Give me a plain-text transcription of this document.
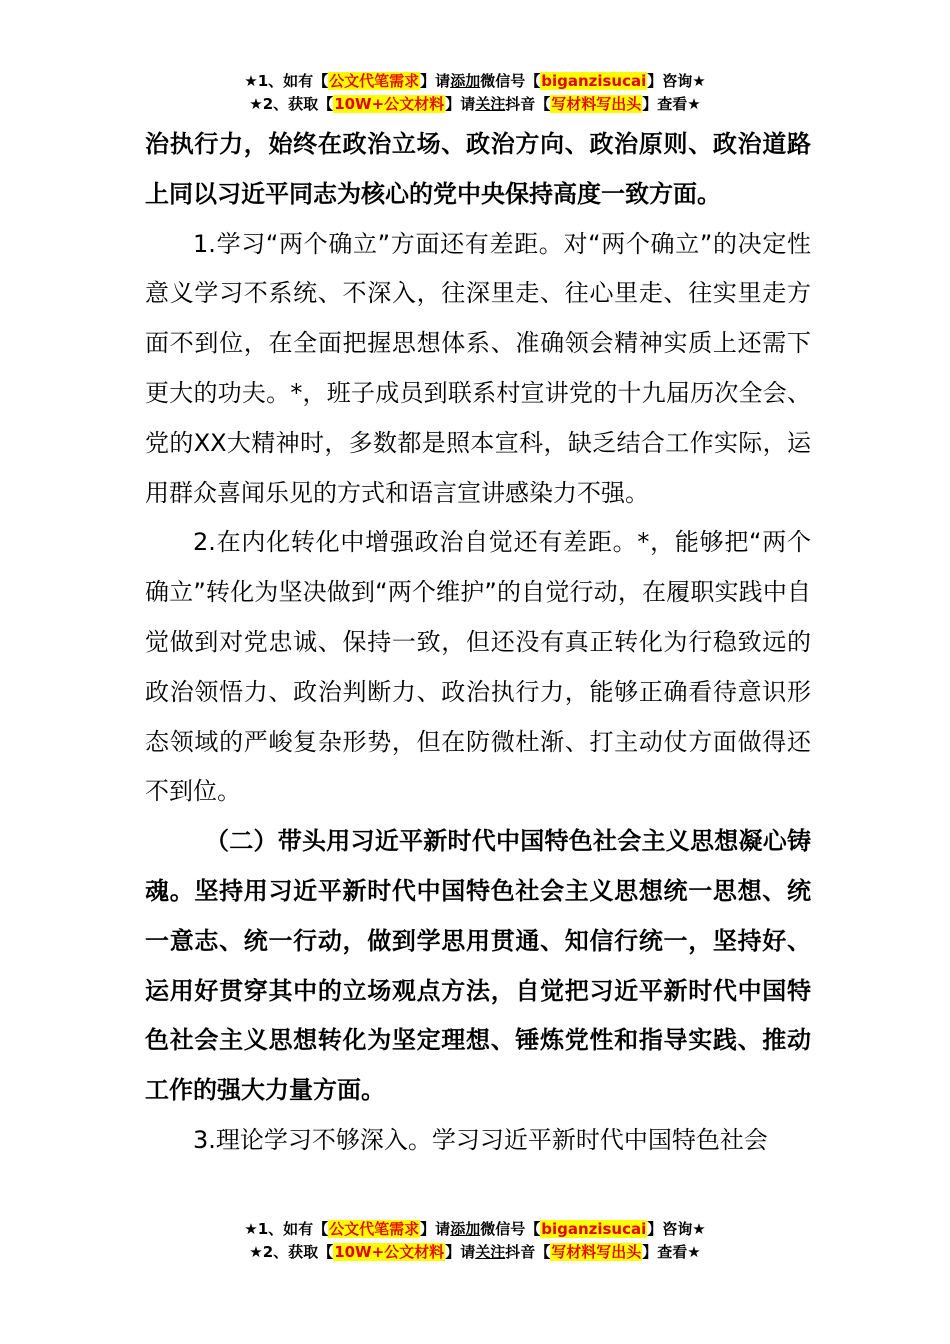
★1、如有【公文代笔需求】请添加微信号【biganzisucai】咨询★
★2、获取【10W+公文材料】请关注抖音【写材料写出头】查看★

治执行力，始终在政治立场、政治方向、政治原则、政治道路上同以习近平同志为核心的党中央保持高度一致方面。

1.学习“两个确立”方面还有差距。对“两个确立”的决定性意义学习不系统、不深入，往深里走、往心里走、往实里走方面不到位，在全面把握思想体系、准确领会精神实质上还需下更大的功夫。*，班子成员到联系村宣讲党的十九届历次全会、党的XX大精神时，多数都是照本宣科，缺乏结合工作实际，运用群众喜闻乐见的方式和语言宣讲感染力不强。

2.在内化转化中增强政治自觉还有差距。*，能够把“两个确立”转化为坚决做到“两个维护”的自觉行动，在履职实践中自觉做到对党忠诚、保持一致，但还没有真正转化为行稳致远的政治领悟力、政治判断力、政治执行力，能够正确看待意识形态领域的严峻复杂形势，但在防微杜渐、打主动仗方面做得还不到位。

（二）带头用习近平新时代中国特色社会主义思想凝心铸魂。坚持用习近平新时代中国特色社会主义思想统一思想、统一意志、统一行动，做到学思用贯通、知信行统一，坚持好、运用好贯穿其中的立场观点方法，自觉把习近平新时代中国特色社会主义思想转化为坚定理想、锤炼党性和指导实践、推动工作的强大力量方面。

3.理论学习不够深入。学习习近平新时代中国特色社会

★1、如有【公文代笔需求】请添加微信号【biganzisucai】咨询★
★2、获取【10W+公文材料】请关注抖音【写材料写出头】查看★
